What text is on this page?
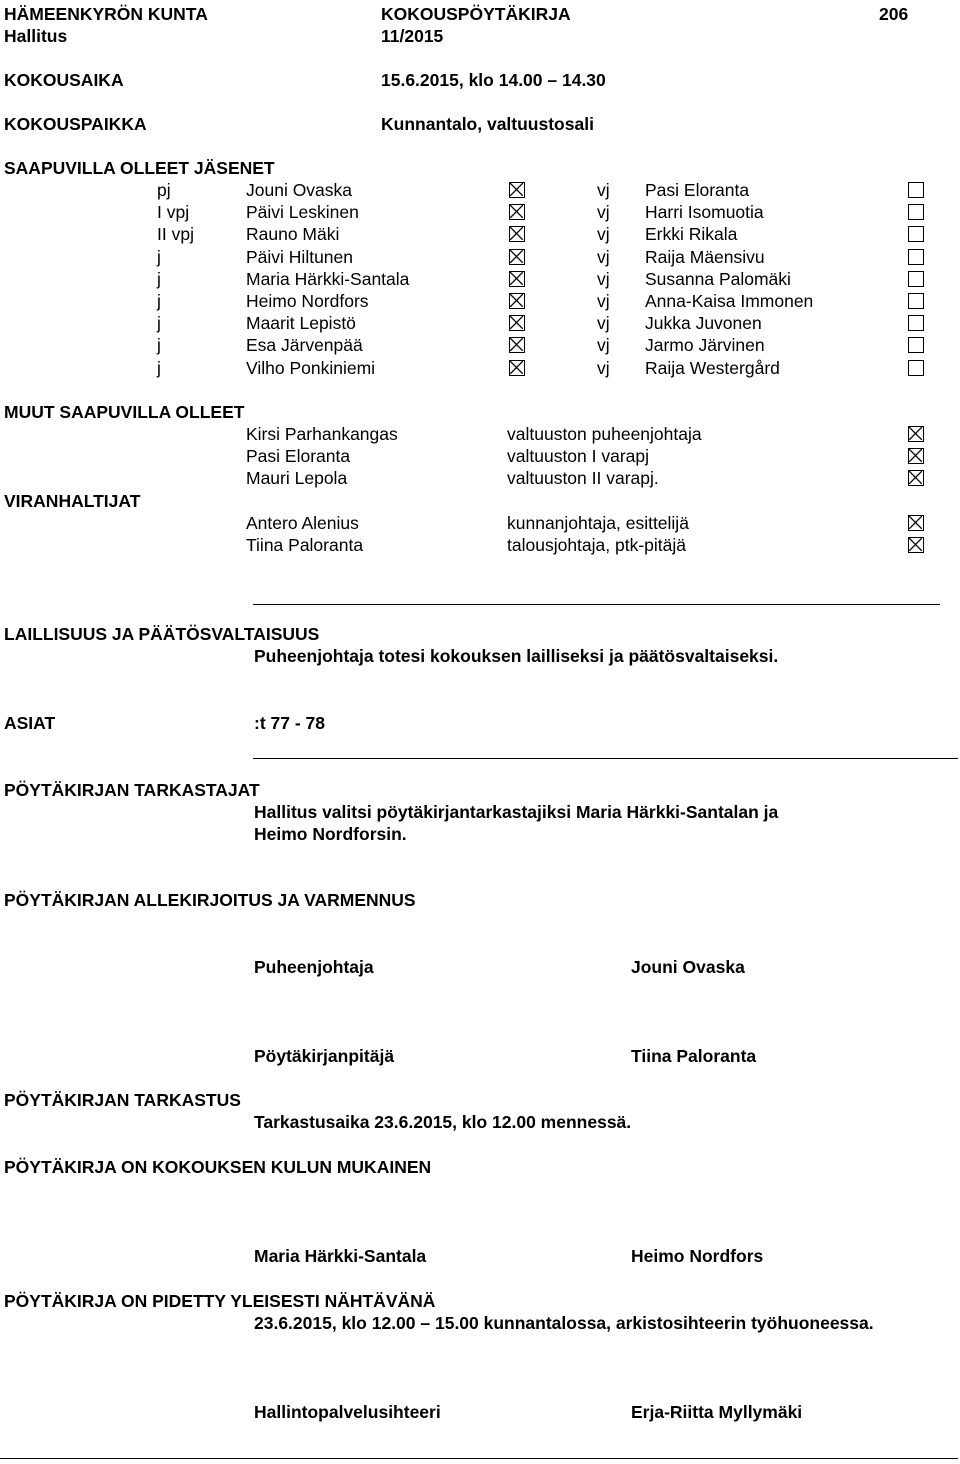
HÄMEENKYRÖN KUNTA	KOKOUSPÖYTÄKIRJA	206
Hallitus	11/2015
KOKOUSAIKA	15.6.2015, klo 14.00 – 14.30
KOKOUSPAIKKA	Kunnantalo, valtuustosali
SAAPUVILLA OLLEET JÄSENET
pj	Jouni Ovaska	vj Pasi Eloranta
I vpj	Päivi Leskinen	vj Harri Isomuotia
II vpj	Rauno Mäki	vj Erkki Rikala
j	Päivi Hiltunen	vj Raija Mäensivu
j	Maria Härkki-Santala	vj Susanna Palomäki
j	Heimo Nordfors	vj Anna-Kaisa Immonen
j	Maarit Lepistö	vj Jukka Juvonen
j	Esa Järvenpää	vj Jarmo Järvinen
j	Vilho Ponkiniemi	vj Raija Westergård
MUUT SAAPUVILLA OLLEET
Kirsi Parhankangas	valtuuston puheenjohtaja
Pasi Eloranta	valtuuston I varapj
Mauri Lepola	valtuuston II varapj.
VIRANHALTIJAT
Antero Alenius	kunnanjohtaja, esittelijä
Tiina Paloranta	talousjohtaja, ptk-pitäjä
LAILLISUUS JA PÄÄTÖSVALTAISUUS
Puheenjohtaja totesi kokouksen lailliseksi ja päätösvaltaiseksi.
ASIAT	:t 77 - 78
PÖYTÄKIRJAN TARKASTAJAT
Hallitus valitsi pöytäkirjantarkastajiksi Maria Härkki-Santalan ja
Heimo Nordforsin.
PÖYTÄKIRJAN ALLEKIRJOITUS JA VARMENNUS
Puheenjohtaja	Jouni Ovaska
Pöytäkirjanpitäjä	Tiina Paloranta
PÖYTÄKIRJAN TARKASTUS
Tarkastusaika 23.6.2015, klo 12.00 mennessä.
PÖYTÄKIRJA ON KOKOUKSEN KULUN MUKAINEN
Maria Härkki-Santala	Heimo Nordfors
PÖYTÄKIRJA ON PIDETTY YLEISESTI NÄHTÄVÄNÄ
23.6.2015, klo 12.00 – 15.00 kunnantalossa, arkistosihteerin työhuoneessa.
Hallintopalvelusihteeri	Erja-Riitta Myllymäki
